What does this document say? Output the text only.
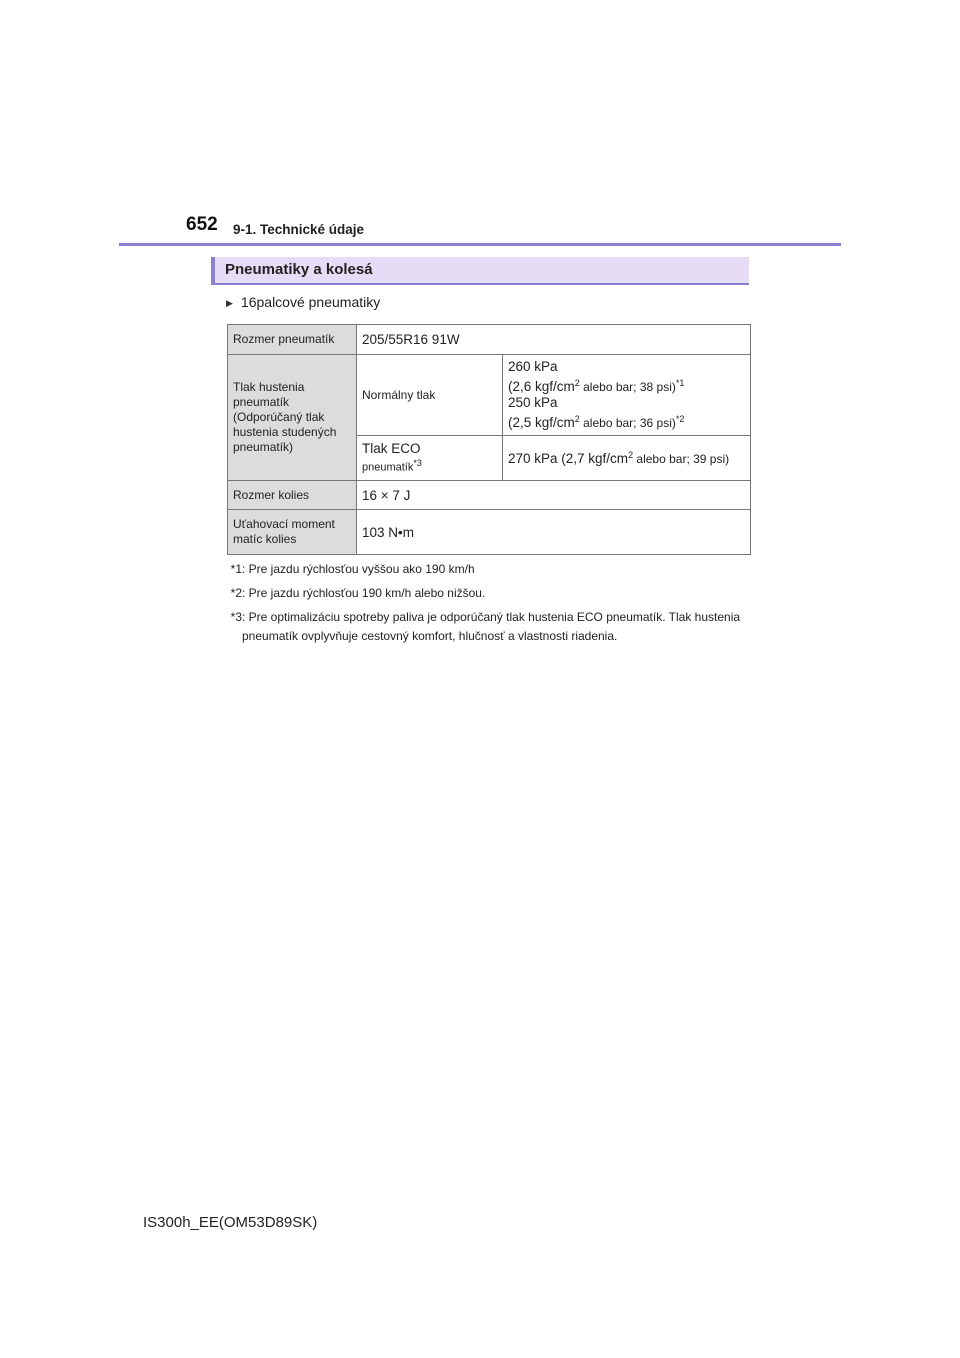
652 9-1. Technické údaje
Pneumatiky a kolesá
▶ 16palcové pneumatiky
Rozmer pneumatík	205/55R16 91W	
Tlak hustenia pneumatík (Odporúčaný tlak hustenia studených pneumatík)	Normálny tlak	260 kPa
(2,6 kgf/$cm^2$ alebo bar; 38 psi)$^{*1}$
250 kPa
(2,5 kgf/$cm^2$ alebo bar; 36 psi)$^{*2}$

	Tlak ECO
pneumatík$^{*3}$	270 kPa (2,7 kgf/$cm^2$ alebo bar; 39 psi)
Rozmer kolies	16 × 7 J	
Uťahovací moment matíc kolies	103 N•m	
*1 : Pre jazdu rýchlosťou vyššou ako 190 km/h
*2 : Pre jazdu rýchlosťou 190 km/h alebo nižšou.
*3 : Pre optimalizáciu spotreby paliva je odporúčaný tlak hustenia ECO pneumatík. Tlak hustenia pneumatík ovplyvňuje cestovný komfort, hlučnosť a vlastnosti riadenia.
IS300h_EE(OM53D89SK)
